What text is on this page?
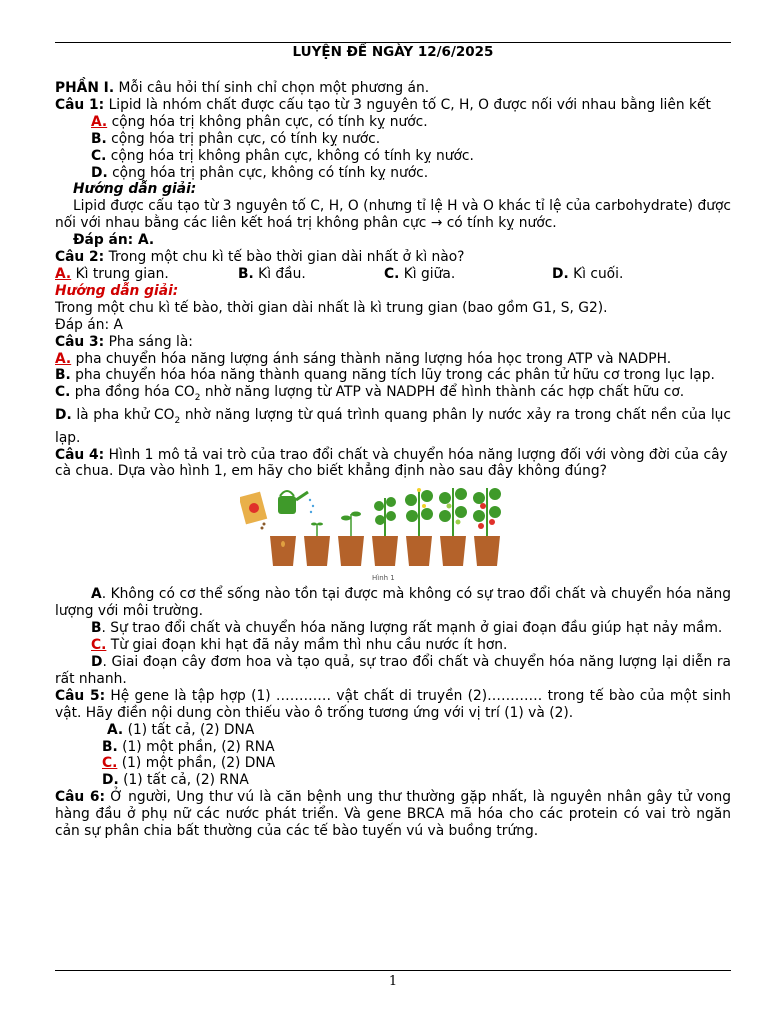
LUYỆN ĐỀ NGÀY 12/6/2025

PHẦN I. Mỗi câu hỏi thí sinh chỉ chọn một phương án.

Câu 1: Lipid là nhóm chất được cấu tạo từ 3 nguyên tố C, H, O được nối với nhau bằng liên kết

A. cộng hóa trị không phân cực, có tính kỵ nước.

B. cộng hóa trị phân cực, có tính kỵ nước.

C. cộng hóa trị không phân cực, không có tính kỵ nước.

D. cộng hóa trị phân cực, không có tính kỵ nước.

Hướng dẫn giải:

Lipid được cấu tạo từ 3 nguyên tố C, H, O (nhưng tỉ lệ H và O khác tỉ lệ của carbohydrate) được nối với nhau bằng các liên kết hoá trị không phân cực → có tính kỵ nước.

Đáp án: A.

Câu 2: Trong một chu kì tế bào thời gian dài nhất ở kì nào?

A. Kì trung gian.	B. Kì đầu.	C. Kì giữa.	D. Kì cuối.

Hướng dẫn giải:

Trong một chu kì tế bào, thời gian dài nhất là kì trung gian (bao gồm G1, S, G2).

Đáp án: A

Câu 3: Pha sáng là:

A. pha chuyển hóa năng lượng ánh sáng thành năng lượng hóa học trong ATP và NADPH.

B. pha chuyển hóa hóa năng thành quang năng tích lũy trong các phân tử hữu cơ trong lục lạp.

C. pha đồng hóa $CO_2$ nhờ năng lượng từ ATP và NADPH để hình thành các hợp chất hữu cơ.

D. là pha khử $CO_2$ nhờ năng lượng từ quá trình quang phân ly nước xảy ra trong chất nền của lục lạp.

Câu 4: Hình 1 mô tả vai trò của trao đổi chất và chuyển hóa năng lượng đối với vòng đời của cây cà chua. Dựa vào hình 1, em hãy cho biết khẳng định nào sau đây không đúng?

Hình 1

A. Không có cơ thể sống nào tồn tại được mà không có sự trao đổi chất và chuyển hóa năng lượng với môi trường.

B. Sự trao đổi chất và chuyển hóa năng lượng rất mạnh ở giai đoạn đầu giúp hạt nảy mầm.

C. Từ giai đoạn khi hạt đã nảy mầm thì nhu cầu nước ít hơn.

D. Giai đoạn cây đơm hoa và tạo quả, sự trao đổi chất và chuyển hóa năng lượng lại diễn ra rất nhanh.

Câu 5: Hệ gene là tập hợp (1) ………… vật chất di truyền (2)………… trong tế bào của một sinh vật. Hãy điền nội dung còn thiếu vào ô trống tương ứng với vị trí (1) và (2).

A. (1) tất cả, (2) DNA

B. (1) một phần, (2) RNA

C. (1) một phần, (2) DNA

D. (1) tất cả, (2) RNA

Câu 6: Ở người, Ung thư vú là căn bệnh ung thư thường gặp nhất, là nguyên nhân gây tử vong hàng đầu ở phụ nữ các nước phát triển. Và gene BRCA mã hóa cho các protein có vai trò ngăn cản sự phân chia bất thường của các tế bào tuyến vú và buồng trứng.

1
